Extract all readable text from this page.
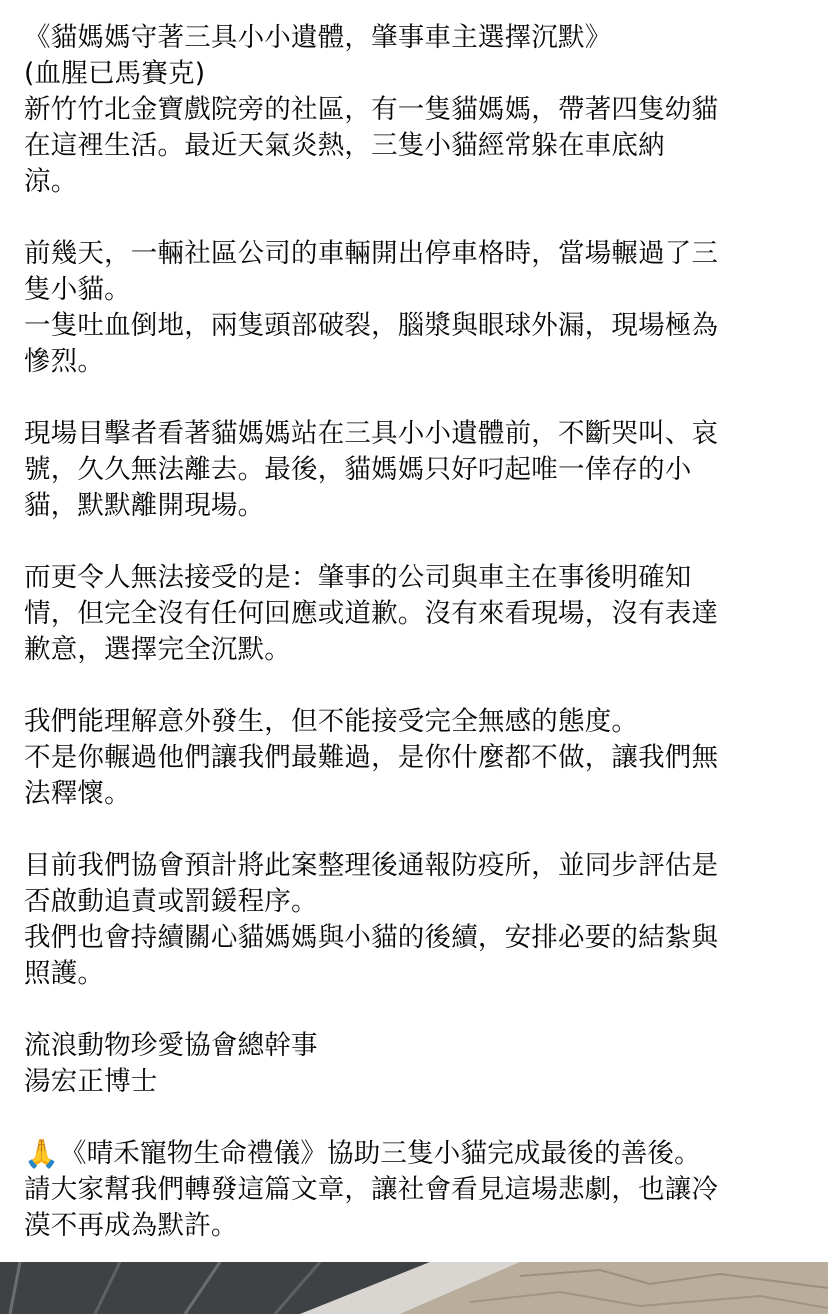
《貓媽媽守著三具小小遺體，肇事車主選擇沉默》
(血腥已馬賽克)
新竹竹北金寶戲院旁的社區，有一隻貓媽媽，帶著四隻幼貓
在這裡生活。最近天氣炎熱，三隻小貓經常躲在車底納
涼。
前幾天，一輛社區公司的車輛開出停車格時，當場輾過了三
隻小貓。
一隻吐血倒地，兩隻頭部破裂，腦漿與眼球外漏，現場極為
慘烈。
現場目擊者看著貓媽媽站在三具小小遺體前，不斷哭叫、哀
號，久久無法離去。最後，貓媽媽只好叼起唯一倖存的小
貓，默默離開現場。
而更令人無法接受的是：肇事的公司與車主在事後明確知
情，但完全沒有任何回應或道歉。沒有來看現場，沒有表達
歉意，選擇完全沉默。
我們能理解意外發生，但不能接受完全無感的態度。
不是你輾過他們讓我們最難過，是你什麼都不做，讓我們無
法釋懷。
目前我們協會預計將此案整理後通報防疫所，並同步評估是
否啟動追責或罰鍰程序。
我們也會持續關心貓媽媽與小貓的後續，安排必要的結紮與
照護。
流浪動物珍愛協會總幹事
湯宏正博士
🙏《晴禾寵物生命禮儀》協助三隻小貓完成最後的善後。
請大家幫我們轉發這篇文章，讓社會看見這場悲劇，也讓冷
漠不再成為默許。
